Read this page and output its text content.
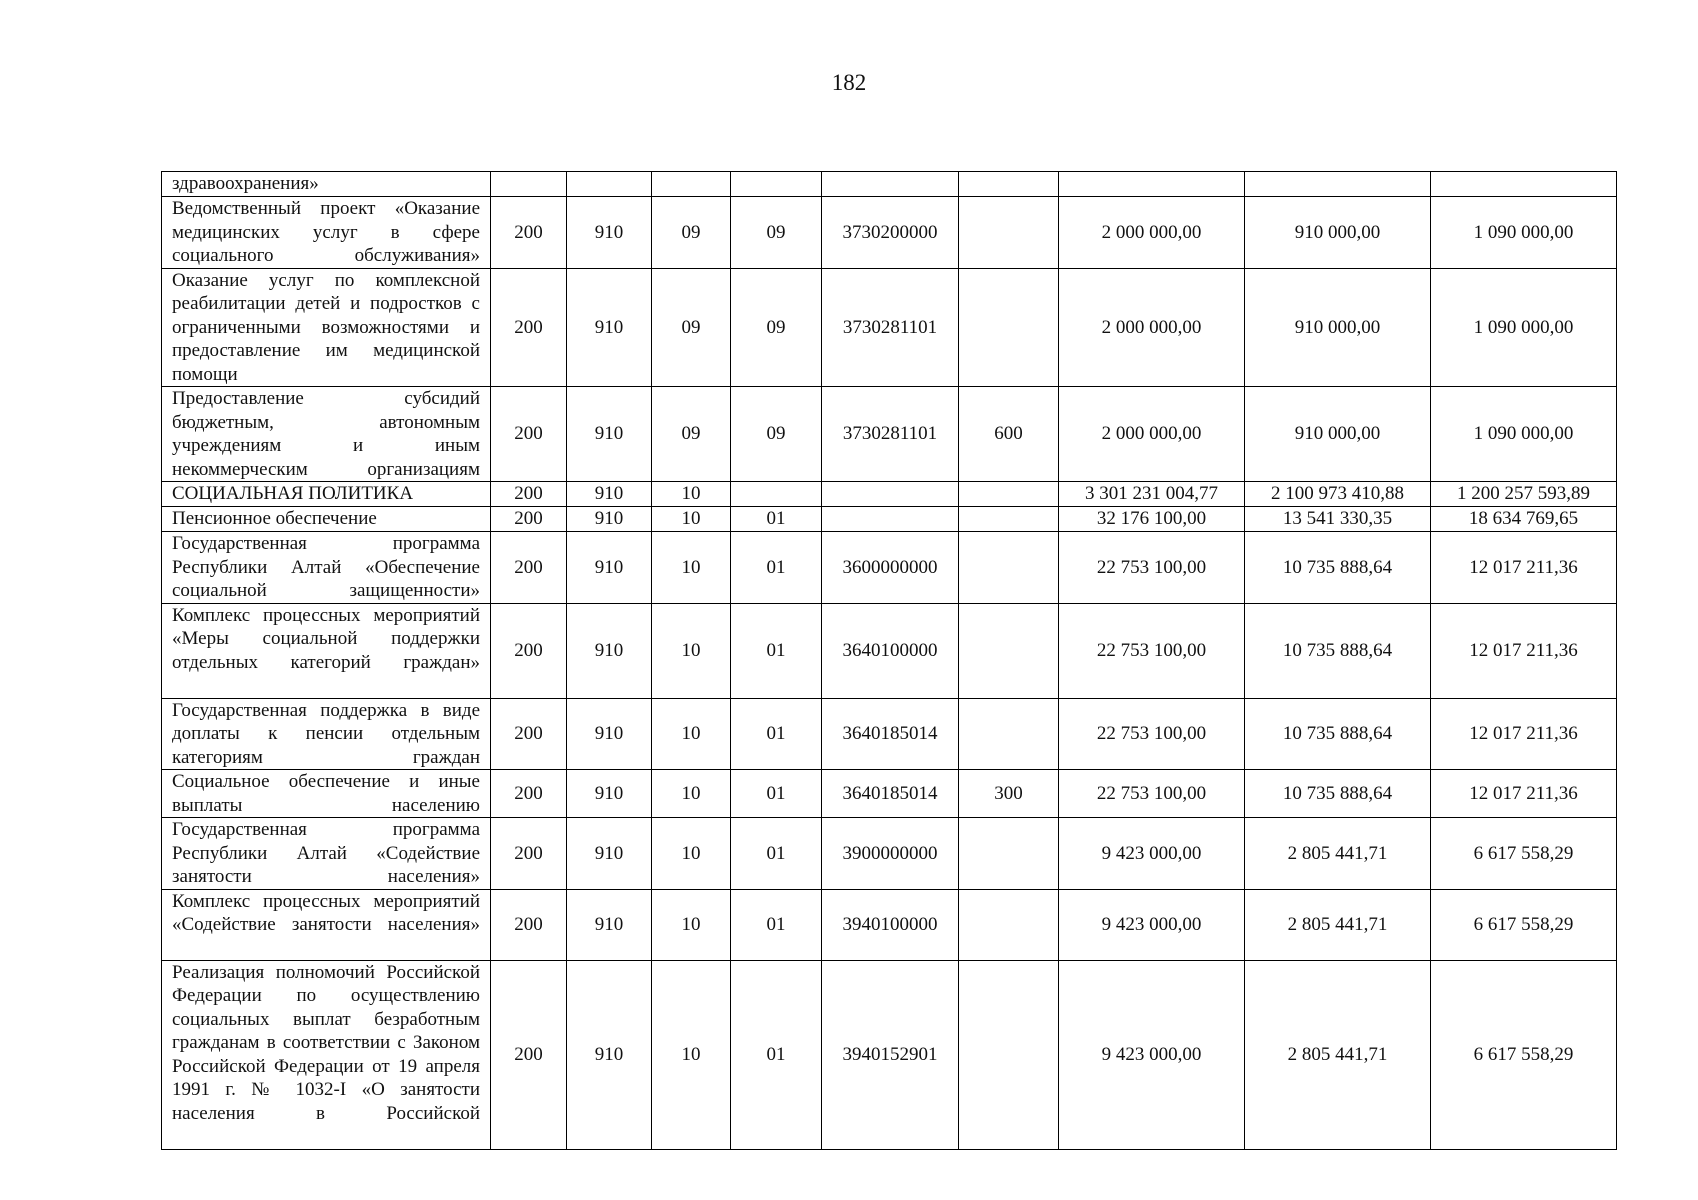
182
здравоохранения»									
Ведомственный проект «Оказание медицинских услуг в сфере социального обслуживания»	200	910	09	09	3730200000		2 000 000,00	910 000,00	1 090 000,00
Оказание услуг по комплексной реабилитации детей и подростков с ограниченными возможностями и предоставление им медицинской помощи	200	910	09	09	3730281101		2 000 000,00	910 000,00	1 090 000,00
Предоставление субсидий бюджетным, автономным учреждениям и иным некоммерческим организациям	200	910	09	09	3730281101	600	2 000 000,00	910 000,00	1 090 000,00
СОЦИАЛЬНАЯ ПОЛИТИКА	200	910	10				3 301 231 004,77	2 100 973 410,88	1 200 257 593,89
Пенсионное обеспечение	200	910	10	01			32 176 100,00	13 541 330,35	18 634 769,65
Государственная программа Республики Алтай «Обеспечение социальной защищенности»	200	910	10	01	3600000000		22 753 100,00	10 735 888,64	12 017 211,36
Комплекс процессных мероприятий «Меры социальной поддержки отдельных категорий граждан»	200	910	10	01	3640100000		22 753 100,00	10 735 888,64	12 017 211,36
Государственная поддержка в виде доплаты к пенсии отдельным категориям граждан	200	910	10	01	3640185014		22 753 100,00	10 735 888,64	12 017 211,36
Социальное обеспечение и иные выплаты населению	200	910	10	01	3640185014	300	22 753 100,00	10 735 888,64	12 017 211,36
Государственная программа Республики Алтай «Содействие занятости населения»	200	910	10	01	3900000000		9 423 000,00	2 805 441,71	6 617 558,29
Комплекс процессных мероприятий «Содействие занятости населения»	200	910	10	01	3940100000		9 423 000,00	2 805 441,71	6 617 558,29
Реализация полномочий Российской Федерации по осуществлению социальных выплат безработным гражданам в соответствии с Законом Российской Федерации от 19 апреля 1991 г. № 1032-I «О занятости населения в Российской	200	910	10	01	3940152901		9 423 000,00	2 805 441,71	6 617 558,29
